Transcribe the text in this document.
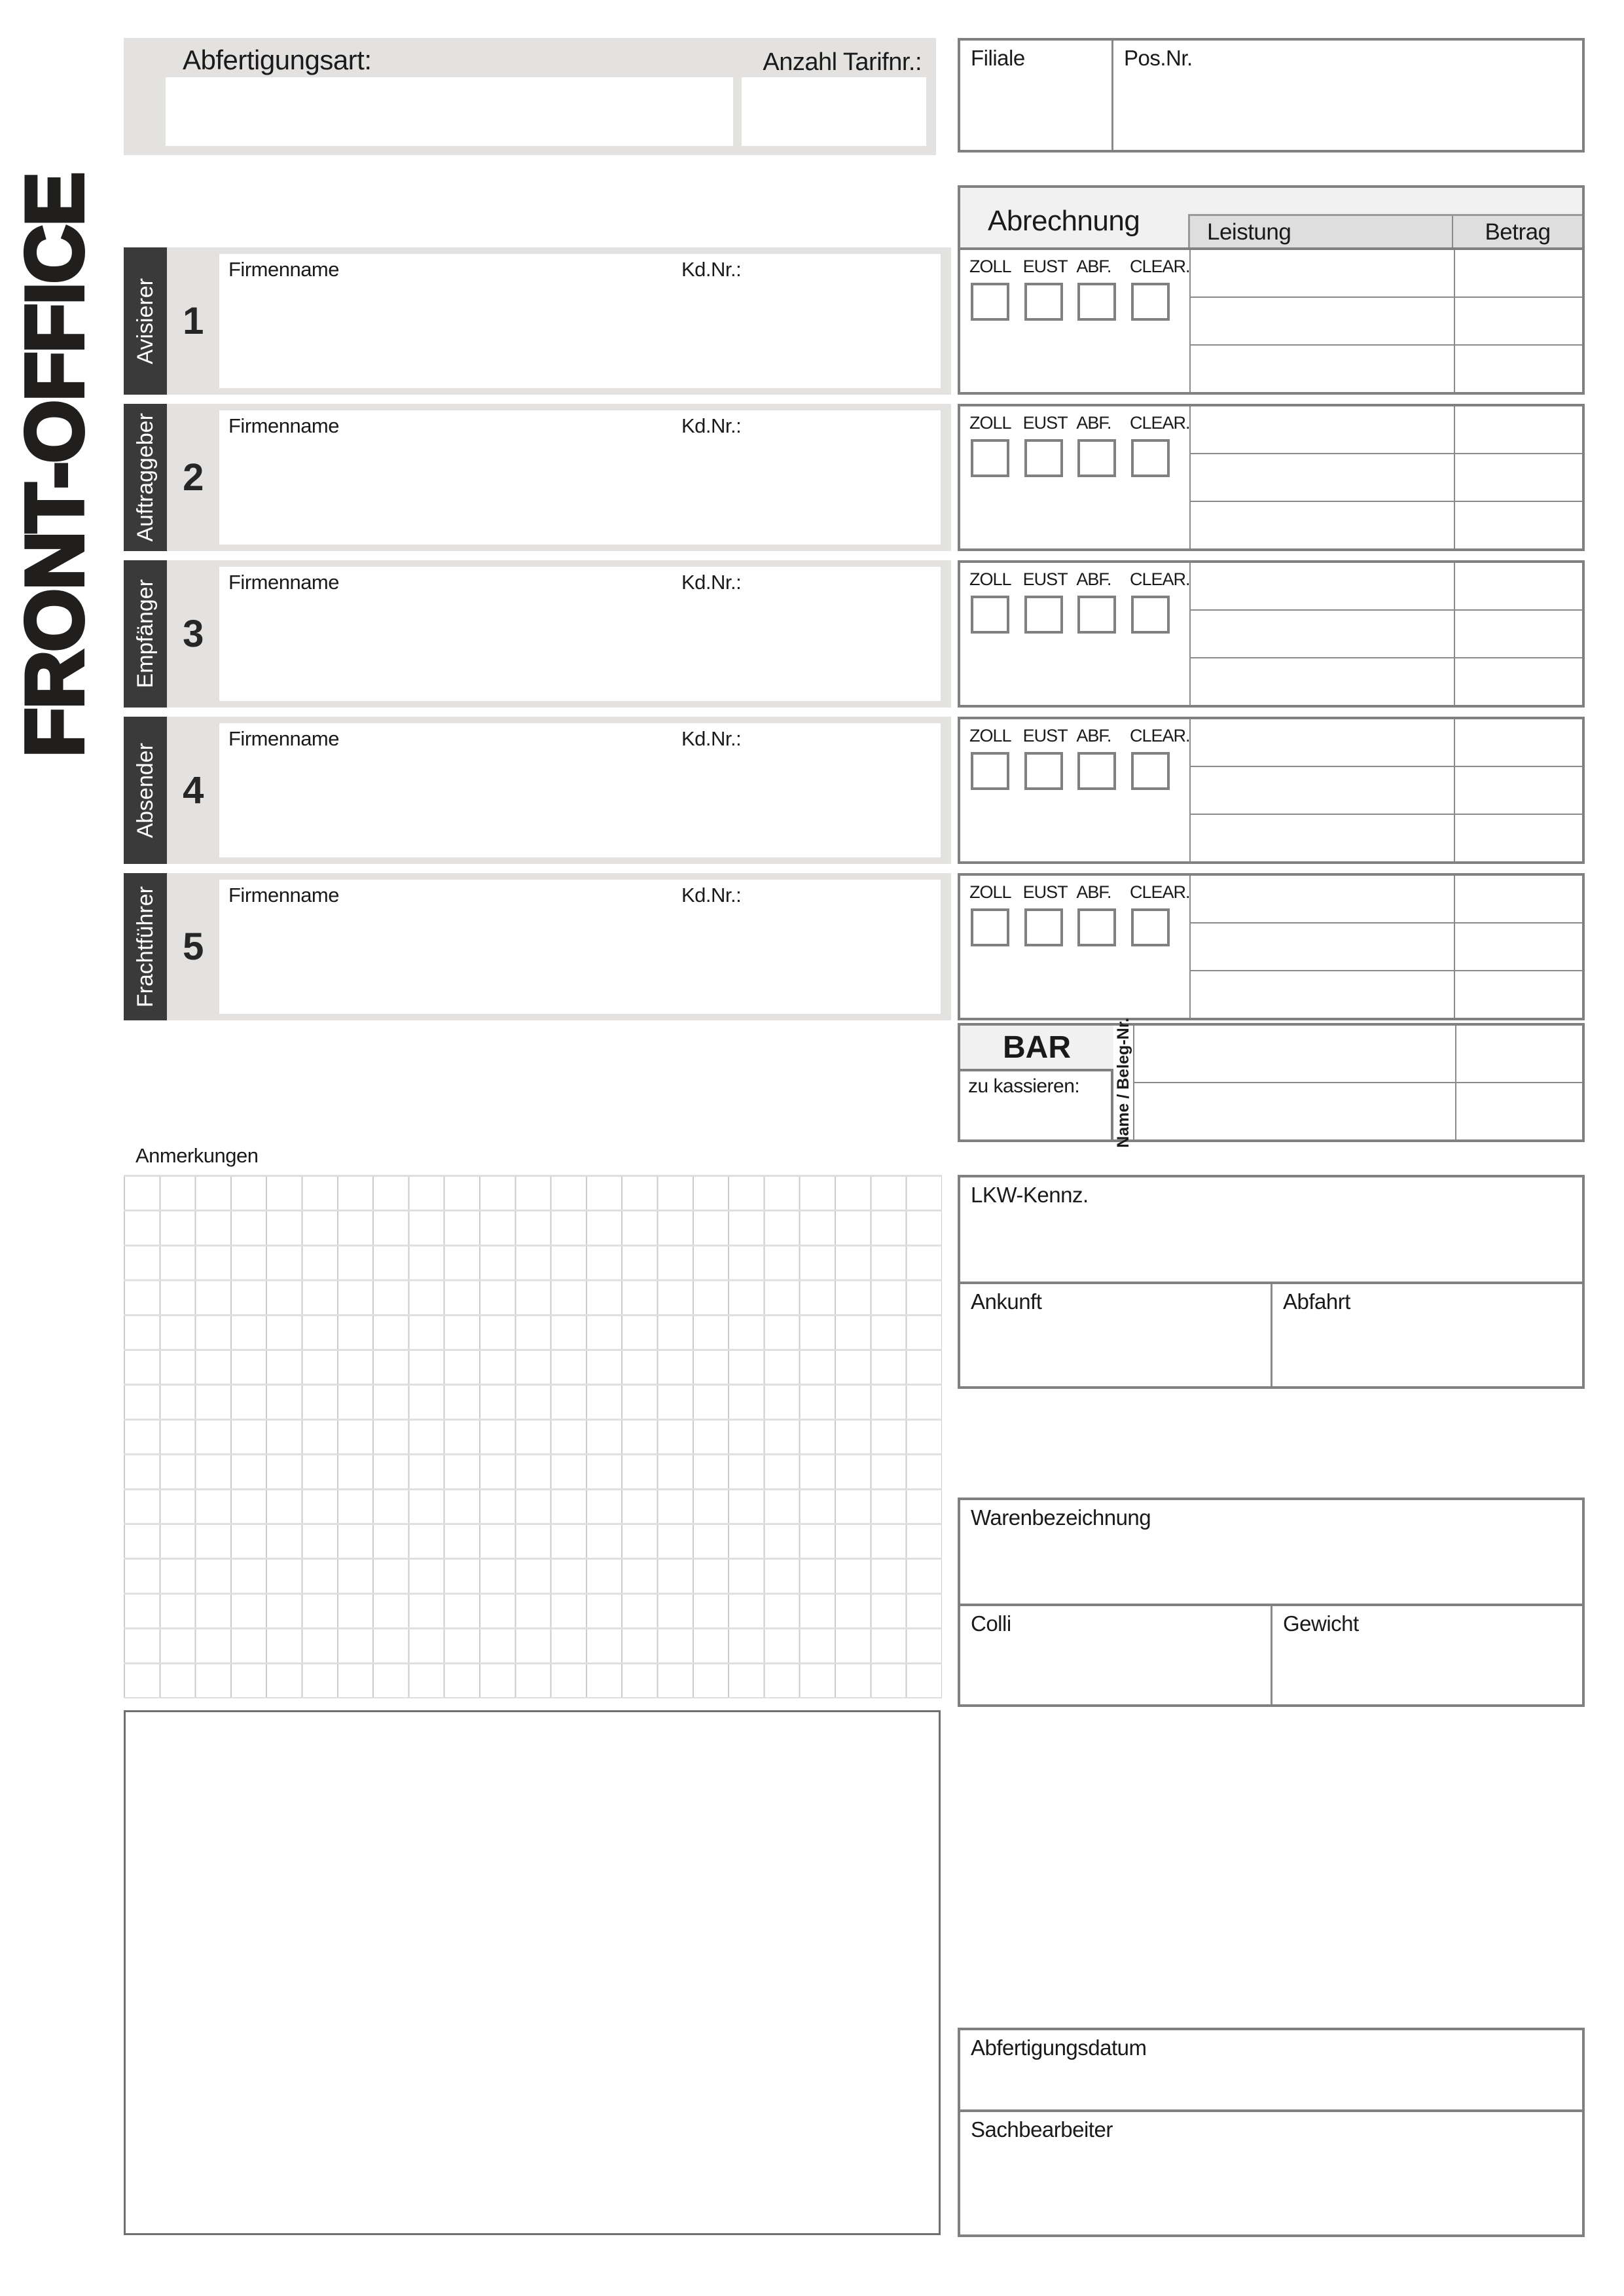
FRONT-OFFICE
Abfertigungsart:	Anzahl Tarifnr.:	Filiale	Pos.Nr.
Abrechnung	Leistung	Betrag
Avisierer 1
Firmenname	Kd.Nr.:	ZOLL EUST ABF. CLEAR.
Auftraggeber 2
Firmenname	Kd.Nr.:	ZOLL EUST ABF. CLEAR.
Empfänger 3
Firmenname	Kd.Nr.:	ZOLL EUST ABF. CLEAR.
Absender 4
Firmenname	Kd.Nr.:	ZOLL EUST ABF. CLEAR.
Frachtführer 5
Firmenname	Kd.Nr.:	ZOLL EUST ABF. CLEAR.
BAR
zu kassieren:	Name / Beleg-Nr.
Anmerkungen
LKW-Kennz.
Ankunft	Abfahrt
Warenbezeichnung
Colli	Gewicht
Abfertigungsdatum
Sachbearbeiter
